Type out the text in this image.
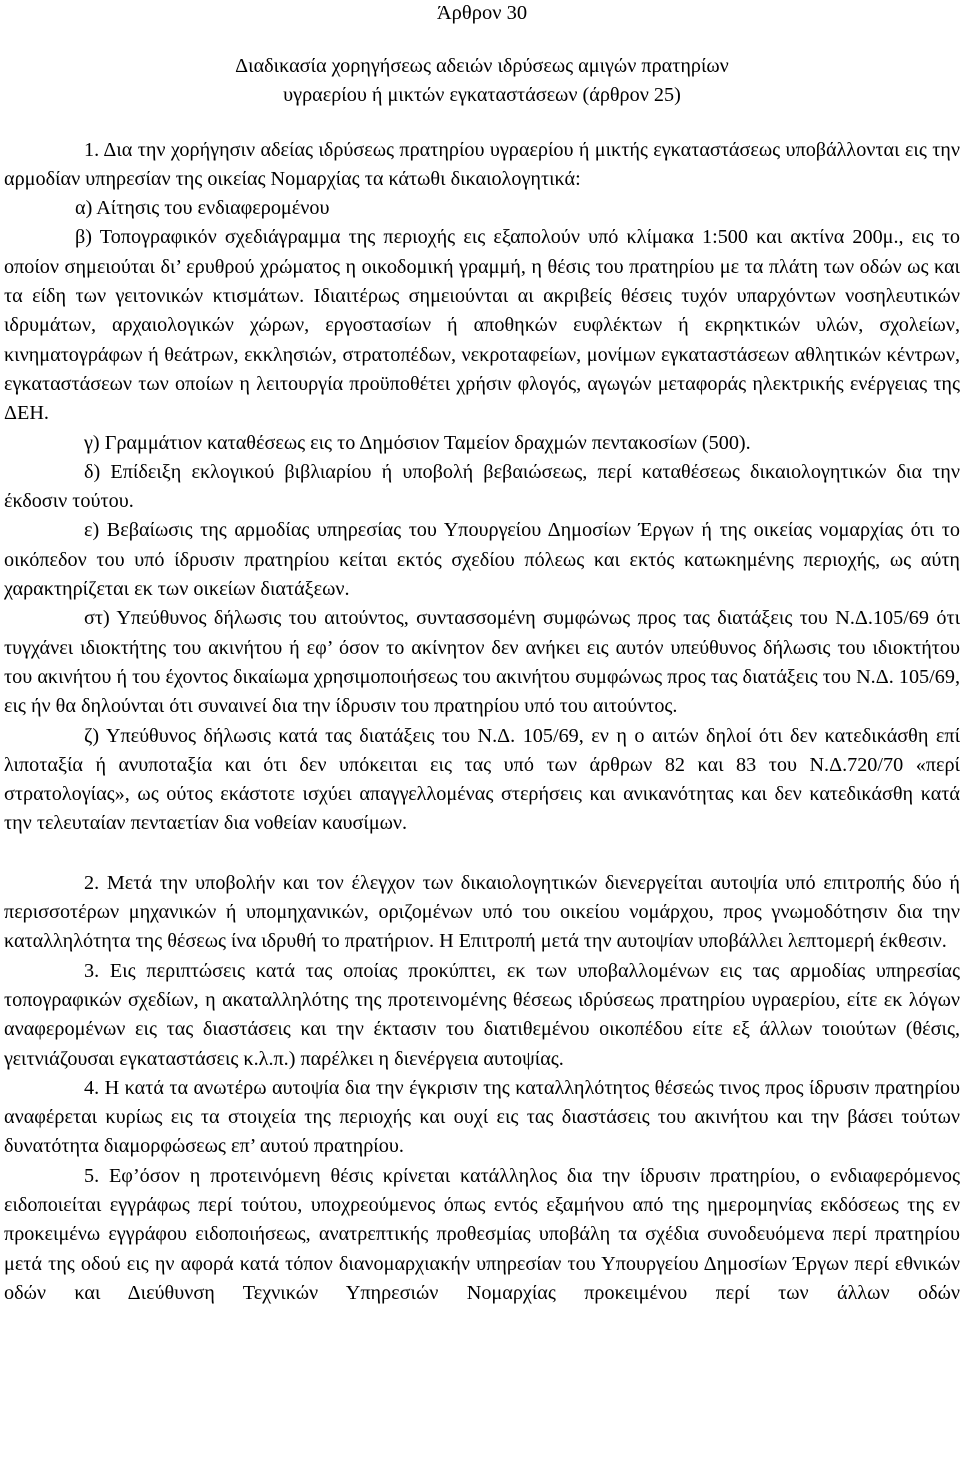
Άρθρον 30
Διαδικασία χορηγήσεως αδειών ιδρύσεως αμιγών πρατηρίων
υγραερίου ή μικτών εγκαταστάσεων (άρθρον 25)

1. Δια την χορήγησιν αδείας ιδρύσεως πρατηρίου υγραερίου ή μικτής εγκαταστάσεως υποβάλλονται εις την αρμοδίαν υπηρεσίαν της οικείας Νομαρχίας τα κάτωθι δικαιολογητικά:

α) Αίτησις του ενδιαφερομένου

β) Τοπογραφικόν σχεδιάγραμμα της περιοχής εις εξαπολούν υπό κλίμακα 1:500 και ακτίνα 200μ., εις το οποίον σημειούται δι’ ερυθρού χρώματος η οικοδομική γραμμή, η θέσις του πρατηρίου με τα πλάτη των οδών ως και τα είδη των γειτονικών κτισμάτων. Ιδιαιτέρως σημειούνται αι ακριβείς θέσεις τυχόν υπαρχόντων νοσηλευτικών ιδρυμάτων, αρχαιολογικών χώρων, εργοστασίων ή αποθηκών ευφλέκτων ή εκρηκτικών υλών, σχολείων, κινηματογράφων ή θεάτρων, εκκλησιών, στρατοπέδων, νεκροταφείων, μονίμων εγκαταστάσεων αθλητικών κέντρων, εγκαταστάσεων των οποίων η λειτουργία προϋποθέτει χρήσιν φλογός, αγωγών μεταφοράς ηλεκτρικής ενέργειας της ΔΕΗ.

γ) Γραμμάτιον καταθέσεως εις το Δημόσιον Ταμείον δραχμών πεντακοσίων (500).

δ) Επίδειξη εκλογικού βιβλιαρίου ή υποβολή βεβαιώσεως, περί καταθέσεως δικαιολογητικών δια την έκδοσιν τούτου.

ε) Βεβαίωσις της αρμοδίας υπηρεσίας του Υπουργείου Δημοσίων Έργων ή της οικείας νομαρχίας ότι το οικόπεδον του υπό ίδρυσιν πρατηρίου κείται εκτός σχεδίου πόλεως και εκτός κατωκημένης περιοχής, ως αύτη χαρακτηρίζεται εκ των οικείων διατάξεων.

στ) Υπεύθυνος δήλωσις του αιτούντος, συντασσομένη συμφώνως προς τας διατάξεις του Ν.Δ.105/69 ότι τυγχάνει ιδιοκτήτης του ακινήτου ή εφ’ όσον το ακίνητον δεν ανήκει εις αυτόν υπεύθυνος δήλωσις του ιδιοκτήτου του ακινήτου ή του έχοντος δικαίωμα χρησιμοποιήσεως του ακινήτου συμφώνως προς τας διατάξεις του Ν.Δ. 105/69, εις ήν θα δηλούνται ότι συναινεί δια την ίδρυσιν του πρατηρίου υπό του αιτούντος.

ζ) Υπεύθυνος δήλωσις κατά τας διατάξεις του Ν.Δ. 105/69, εν η ο αιτών δηλοί ότι δεν κατεδικάσθη επί λιποταξία ή ανυποταξία και ότι δεν υπόκειται εις τας υπό των άρθρων 82 και 83 του Ν.Δ.720/70 «περί στρατολογίας», ως ούτος εκάστοτε ισχύει απαγγελλομένας στερήσεις και ανικανότητας και δεν κατεδικάσθη κατά την τελευταίαν πενταετίαν δια νοθείαν καυσίμων.

2. Μετά την υποβολήν και τον έλεγχον των δικαιολογητικών διενεργείται αυτοψία υπό επιτροπής δύο ή περισσοτέρων μηχανικών ή υπομηχανικών, οριζομένων υπό του οικείου νομάρχου, προς γνωμοδότησιν δια την καταλληλότητα της θέσεως ίνα ιδρυθή το πρατήριον. Η Επιτροπή μετά την αυτοψίαν υποβάλλει λεπτομερή έκθεσιν.

3. Εις περιπτώσεις κατά τας οποίας προκύπτει, εκ των υποβαλλομένων εις τας αρμοδίας υπηρεσίας τοπογραφικών σχεδίων, η ακαταλληλότης της προτεινομένης θέσεως ιδρύσεως πρατηρίου υγραερίου, είτε εκ λόγων αναφερομένων εις τας διαστάσεις και την έκτασιν του διατιθεμένου οικοπέδου είτε εξ άλλων τοιούτων (θέσις, γειτνιάζουσαι εγκαταστάσεις κ.λ.π.) παρέλκει η διενέργεια αυτοψίας.

4. Η κατά τα ανωτέρω αυτοψία δια την έγκρισιν της καταλληλότητος θέσεώς τινος προς ίδρυσιν πρατηρίου αναφέρεται κυρίως εις τα στοιχεία της περιοχής και ουχί εις τας διαστάσεις του ακινήτου και την βάσει τούτων δυνατότητα διαμορφώσεως επ’ αυτού πρατηρίου.

5. Εφ’όσον η προτεινόμενη θέσις κρίνεται κατάλληλος δια την ίδρυσιν πρατηρίου, ο ενδιαφερόμενος ειδοποιείται εγγράφως περί τούτου, υποχρεούμενος όπως εντός εξαμήνου από της ημερομηνίας εκδόσεως της εν προκειμένω εγγράφου ειδοποιήσεως, ανατρεπτικής προθεσμίας υποβάλη τα σχέδια συνοδευόμενα περί πρατηρίου μετά της οδού εις ην αφορά κατά τόπον διανομαρχιακήν υπηρεσίαν του Υπουργείου Δημοσίων Έργων περί εθνικών οδών και Διεύθυνση Τεχνικών Υπηρεσιών Νομαρχίας προκειμένου περί των άλλων οδών
